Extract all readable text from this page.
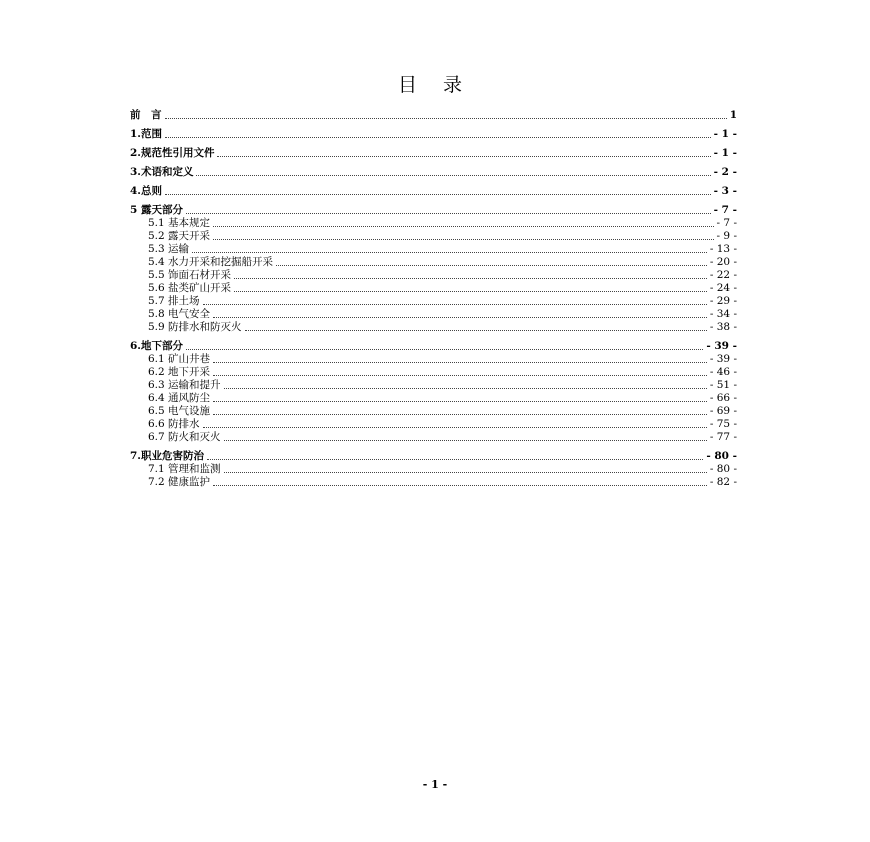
目 录
前　言	1
1.范围	- 1 -
2.规范性引用文件	- 1 -
3.术语和定义	- 2 -
4.总则	- 3 -
5 露天部分	- 7 -
5.1 基本规定	- 7 -
5.2 露天开采	- 9 -
5.3 运输	- 13 -
5.4 水力开采和挖掘船开采	- 20 -
5.5 饰面石材开采	- 22 -
5.6 盐类矿山开采	- 24 -
5.7 排土场	- 29 -
5.8 电气安全	- 34 -
5.9 防排水和防灭火	- 38 -
6.地下部分	- 39 -
6.1 矿山井巷	- 39 -
6.2 地下开采	- 46 -
6.3 运输和提升	- 51 -
6.4 通风防尘	- 66 -
6.5 电气设施	- 69 -
6.6 防排水	- 75 -
6.7 防火和灭火	- 77 -
7.职业危害防治	- 80 -
7.1 管理和监测	- 80 -
7.2 健康监护	- 82 -
- 1 -
